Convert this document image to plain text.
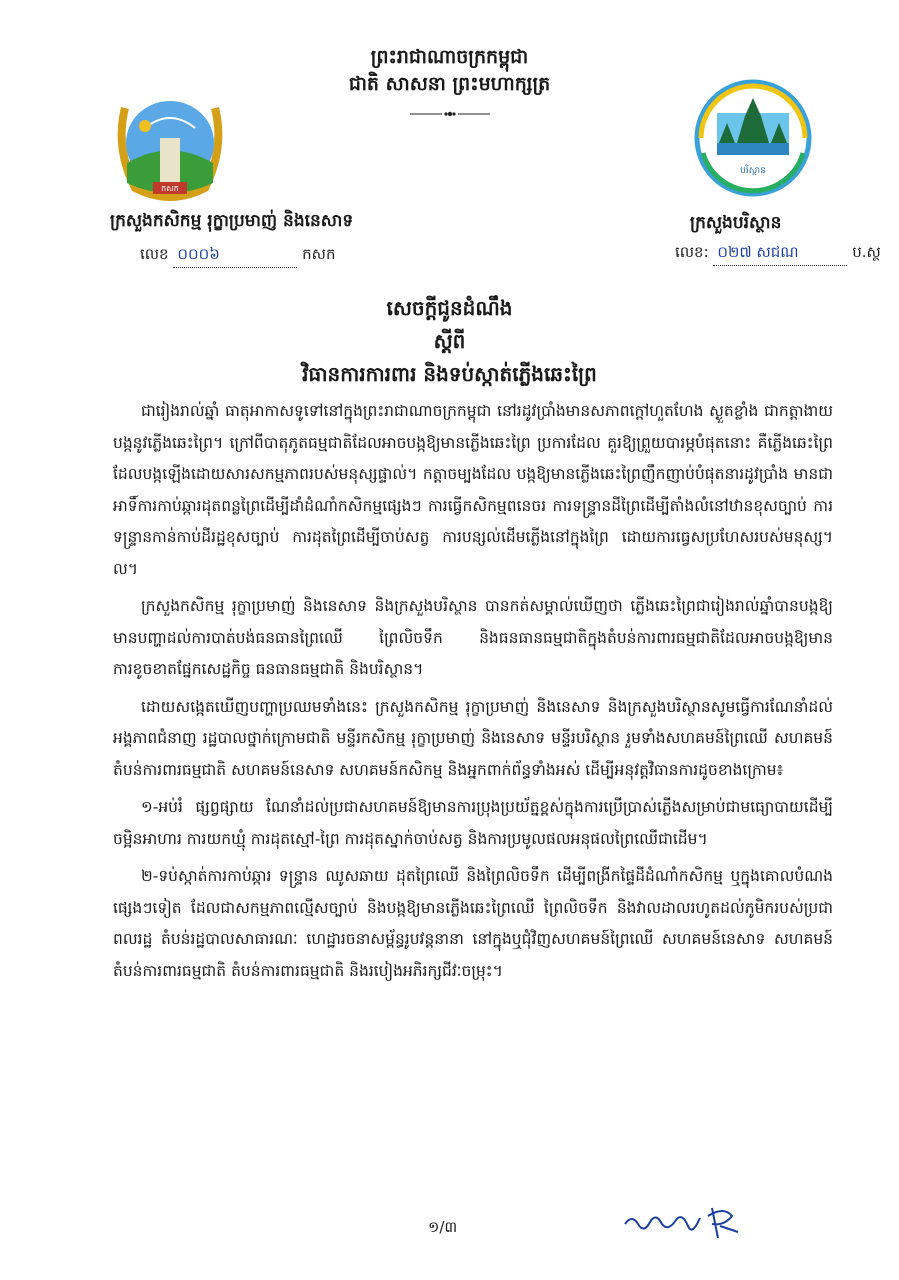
ព្រះរាជាណាចក្រកម្ពុជា
ជាតិ សាសនា ព្រះមហាក្សត្រ
កសក
បរិស្ថាន
ក្រសួងកសិកម្ម រុក្ខាប្រមាញ់ និងនេសាទ	ក្រសួងបរិស្ថាន
លេខ ០០០៦	កសក	លេខ: ០២៧ សជណ	ប.ស្ថ
សេចក្ដីជូនដំណឹង
ស្ដីពី
វិធានការការពារ និងទប់ស្កាត់ភ្លើងឆេះព្រៃ

ជារៀងរាល់ឆ្នាំ ធាតុអាកាសទូទៅនៅក្នុងព្រះរាជាណាចក្រកម្ពុជា នៅរដូវប្រាំងមានសភាពក្ដៅហួតហែង ស្ងួតខ្លាំង ជាកត្តាងាយបង្កនូវភ្លើងឆេះព្រៃ។ ក្រៅពីបាតុភូតធម្មជាតិដែលអាចបង្កឱ្យមានភ្លើងឆេះព្រៃ ប្រការដែល គួរឱ្យព្រួយបារម្ភបំផុតនោះ គឺភ្លើងឆេះព្រៃដែលបង្កឡើងដោយសារសកម្មភាពរបស់មនុស្សផ្ទាល់។ កត្តាចម្បងដែល បង្កឱ្យមានភ្លើងឆេះព្រៃញឹកញាប់បំផុតនារដូវប្រាំង មានជាអាទិ៍ការកាប់ឆ្ការដុតពន្លព្រៃដើម្បីដាំដំណាំកសិកម្មផ្សេងៗ ការធ្វើកសិកម្មពនេចរ ការទន្ទ្រានដីព្រៃដើម្បីតាំងលំនៅឋានខុសច្បាប់ ការទន្ទ្រានកាន់កាប់ដីរដ្ឋខុសច្បាប់ ការដុតព្រៃដើម្បីចាប់សត្វ ការបន្សល់ដើមភ្លើងនៅក្នុងព្រៃ ដោយការធ្វេសប្រហែសរបស់មនុស្ស។ល។

ក្រសួងកសិកម្ម រុក្ខាប្រមាញ់ និងនេសាទ និងក្រសួងបរិស្ថាន បានកត់សម្គាល់ឃើញថា ភ្លើងឆេះព្រៃជារៀងរាល់ឆ្នាំបានបង្កឱ្យមានបញ្ហាដល់ការបាត់បង់ធនធានព្រៃឈើ ព្រៃលិចទឹក និងធនធានធម្មជាតិក្នុងតំបន់ការពារធម្មជាតិដែលអាចបង្កឱ្យមានការខូចខាតផ្នែកសេដ្ឋកិច្ច ធនធានធម្មជាតិ និងបរិស្ថាន។

ដោយសង្កេតឃើញបញ្ហាប្រឈមទាំងនេះ ក្រសួងកសិកម្ម រុក្ខាប្រមាញ់ និងនេសាទ និងក្រសួងបរិស្ថានសូមធ្វើការណែនាំដល់អង្គភាពជំនាញ រដ្ឋបាលថ្នាក់ក្រោមជាតិ មន្ទីរកសិកម្ម រុក្ខាប្រមាញ់ និងនេសាទ មន្ទីរបរិស្ថាន រួមទាំងសហគមន៍ព្រៃឈើ សហគមន៍តំបន់ការពារធម្មជាតិ សហគមន៍នេសាទ សហគមន៍កសិកម្ម និងអ្នកពាក់ព័ន្ធទាំងអស់ ដើម្បីអនុវត្តវិធានការដូចខាងក្រោម៖

១-អប់រំ ផ្សព្វផ្សាយ ណែនាំដល់ប្រជាសហគមន៍ឱ្យមានការប្រុងប្រយ័ត្នខ្ពស់ក្នុងការប្រើប្រាស់ភ្លើងសម្រាប់ជាមធ្យោបាយដើម្បីចម្អិនអាហារ ការយកឃ្មុំ ការដុតស្មៅ-ព្រៃ ការដុតស្នាក់ចាប់សត្វ និងការប្រមូលផលអនុផលព្រៃឈើជាដើម។

២-ទប់ស្កាត់ការកាប់ឆ្ការ ទន្ទ្រាន ឈូសឆាយ ដុតព្រៃឈើ និងព្រៃលិចទឹក ដើម្បីពង្រីកផ្ទៃដីដំណាំកសិកម្ម ឬក្នុងគោលបំណងផ្សេងៗទៀត ដែលជាសកម្មភាពល្មើសច្បាប់ និងបង្កឱ្យមានភ្លើងឆេះព្រៃឈើ ព្រៃលិចទឹក និងវាលដាលរហូតដល់ភូមិករបស់ប្រជាពលរដ្ឋ តំបន់រដ្ឋបាលសាធារណៈ ហេដ្ឋារចនាសម្ព័ន្ធរូបវន្តនានា នៅក្នុងឬជុំវិញសហគមន៍ព្រៃឈើ សហគមន៍នេសាទ សហគមន៍តំបន់ការពារធម្មជាតិ តំបន់ការពារធម្មជាតិ និងរបៀងអភិរក្សជីវៈចម្រុះ។

១/៣
